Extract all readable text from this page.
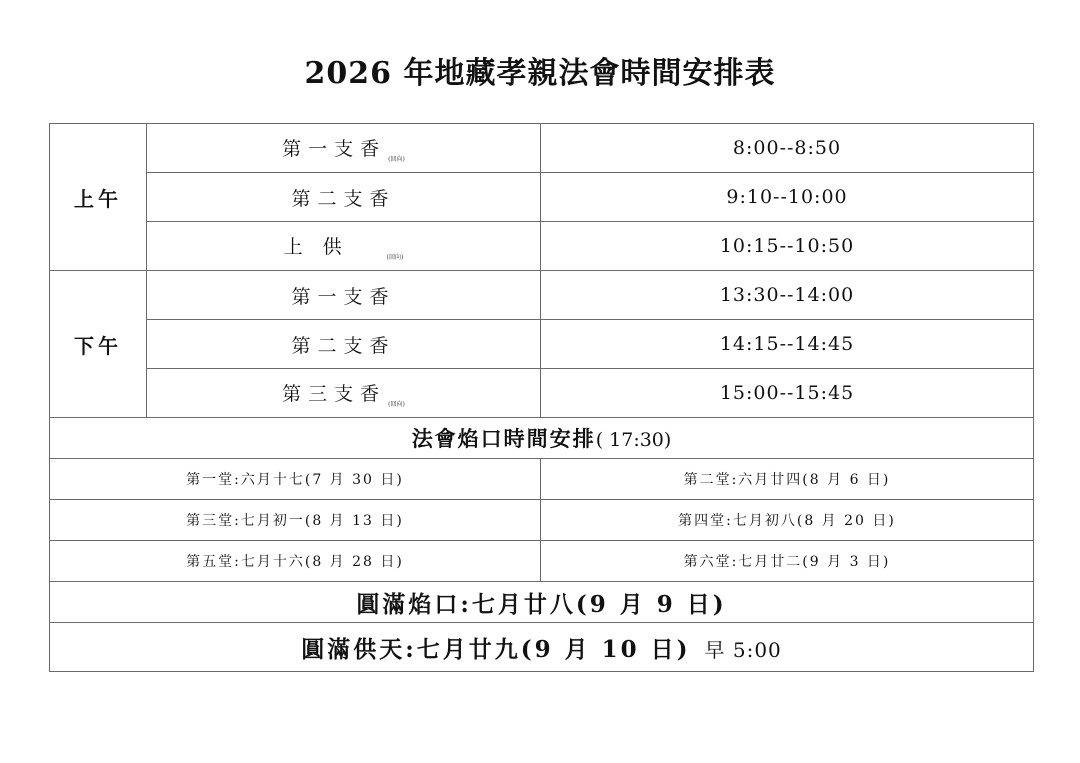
2026 年地藏孝親法會時間安排表
上午	第一支香 $_{(回向)}$	8:00--8:50
	第二支香	9:10--10:00
	上 供 $_{(回向)}$	10:15--10:50
下午	第一支香	13:30--14:00
	第二支香	14:15--14:45
	第三支香 $_{(回向)}$	15:00--15:45
法會焰口時間安排( 17:30)		
第一堂:六月十七(7 月 30 日)		第二堂:六月廿四(8 月 6 日)
第三堂:七月初一(8 月 13 日)		第四堂:七月初八(8 月 20 日)
第五堂:七月十六(8 月 28 日)		第六堂:七月廿二(9 月 3 日)
圓滿焰口:七月廿八(9 月 9 日)		
圓滿供天:七月廿九(9 月 10 日) 早 5:00		
